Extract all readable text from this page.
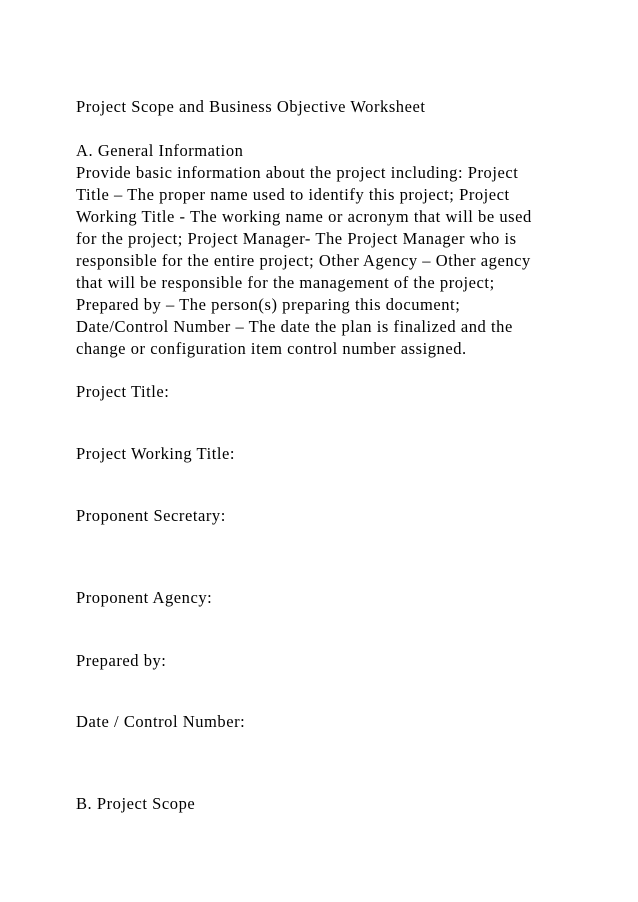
Project Scope and Business Objective Worksheet
A. General Information
Provide basic information about the project including: Project
Title – The proper name used to identify this project; Project
Working Title - The working name or acronym that will be used
for the project; Project Manager- The Project Manager who is
responsible for the entire project; Other Agency – Other agency
that will be responsible for the management of the project;
Prepared by – The person(s) preparing this document;
Date/Control Number – The date the plan is finalized and the
change or configuration item control number assigned.
Project Title:
Project Working Title:
Proponent Secretary:
Proponent Agency:
Prepared by:
Date / Control Number:
B. Project Scope
